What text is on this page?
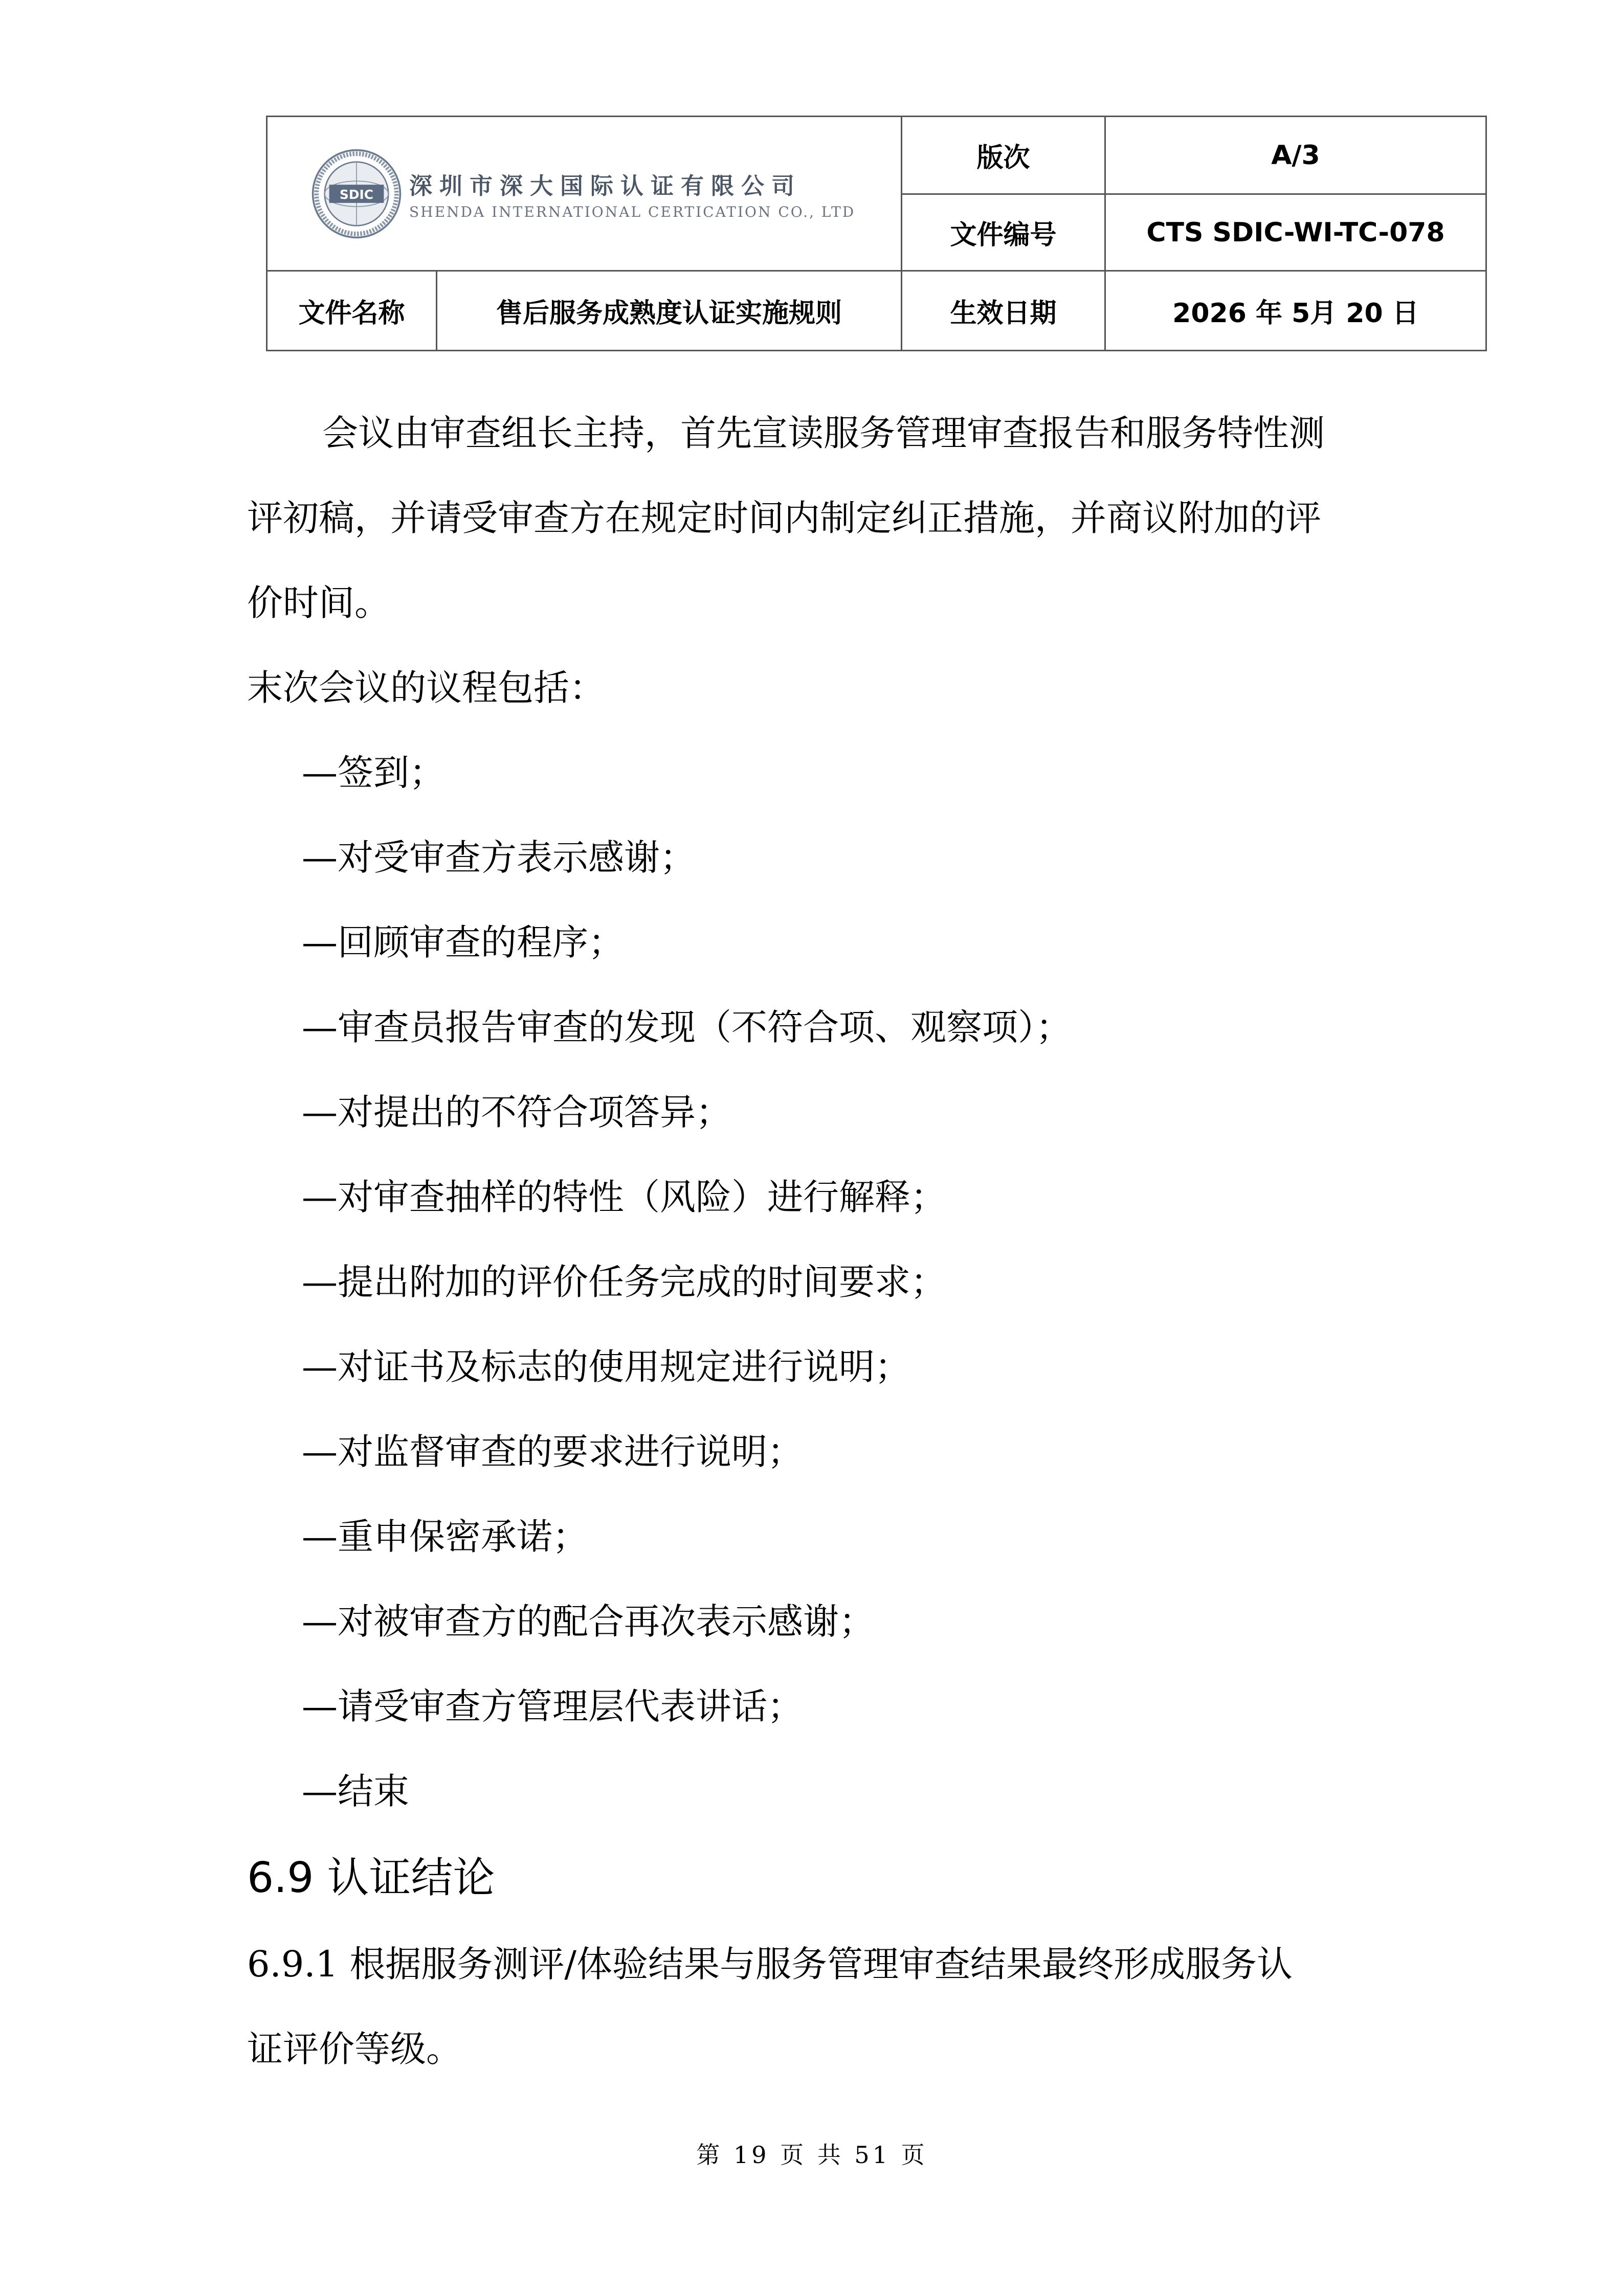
SDIC 深圳市深大国际认证有限公司
SHENDA INTERNATIONAL CERTICATION CO., LTD		版次	A/3
		文件编号	CTS SDIC-WI-TC-078
文件名称	售后服务成熟度认证实施规则	生效日期	2026 年 5月 20 日
会议由审查组长主持，首先宣读服务管理审查报告和服务特性测
评初稿，并请受审查方在规定时间内制定纠正措施，并商议附加的评
价时间。
末次会议的议程包括：
—签到；
—对受审查方表示感谢；
—回顾审查的程序；
—审查员报告审查的发现（不符合项、观察项）；
—对提出的不符合项答异；
—对审查抽样的特性（风险）进行解释；
—提出附加的评价任务完成的时间要求；
—对证书及标志的使用规定进行说明；
—对监督审查的要求进行说明；
—重申保密承诺；
—对被审查方的配合再次表示感谢；
—请受审查方管理层代表讲话；
—结束
6.9 认证结论
6.9.1 根据服务测评/体验结果与服务管理审查结果最终形成服务认
证评价等级。
第 19 页 共 51 页
